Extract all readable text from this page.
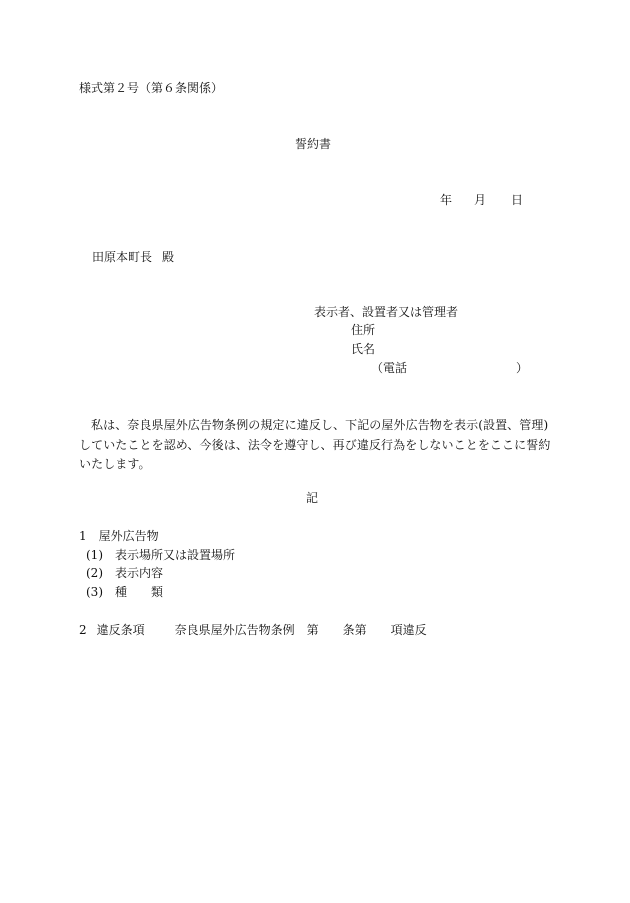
様式第２号（第６条関係）
誓約書
年 月 日
田原本町長 殿
表示者、設置者又は管理者
住所
氏名
（電話	）
私は、奈良県屋外広告物条例の規定に違反し、下記の屋外広告物を表示(設置、管理)していたことを認め、今後は、法令を遵守し、再び違反行為をしないことをここに誓約いたします。
記
1 屋外広告物
(1) 表示場所又は設置場所
(2) 表示内容
(3) 種　　類
2 違反条項	奈良県屋外広告物条例　第　　条第　　項違反
